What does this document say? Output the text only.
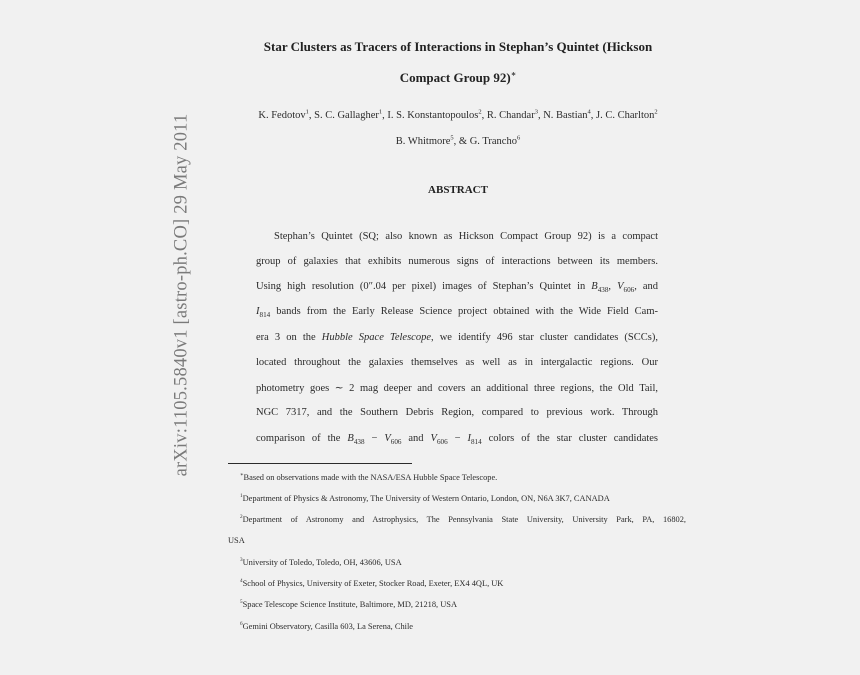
arXiv:1105.5840v1 [astro-ph.CO] 29 May 2011
Star Clusters as Tracers of Interactions in Stephan’s Quintet (Hickson
Compact Group 92)∗
K. Fedotov$^1$, S. C. Gallagher$^1$, I. S. Konstantopoulos$^2$, R. Chandar$^3$, N. Bastian$^4$, J. C. Charlton$^2$
B. Whitmore$^5$, & G. Trancho$^6$
ABSTRACT
Stephan’s Quintet (SQ; also known as Hickson Compact Group 92) is a compact
group of galaxies that exhibits numerous signs of interactions between its members.
Using high resolution (0″.04 per pixel) images of Stephan’s Quintet in $B_{438}$, $V_{606}$, and
$I_{814}$ bands from the Early Release Science project obtained with the Wide Field Cam-
era 3 on the Hubble Space Telescope, we identify 496 star cluster candidates (SCCs),
located throughout the galaxies themselves as well as in intergalactic regions. Our
photometry goes ∼ 2 mag deeper and covers an additional three regions, the Old Tail,
NGC 7317, and the Southern Debris Region, compared to previous work. Through
comparison of the $B_{438} - V_{606}$ and $V_{606} - I_{814}$ colors of the star cluster candidates
∗Based on observations made with the NASA/ESA Hubble Space Telescope.
$^1$Department of Physics & Astronomy, The University of Western Ontario, London, ON, N6A 3K7, CANADA
$^2$Department of Astronomy and Astrophysics, The Pennsylvania State University, University Park, PA, 16802,
USA
$^3$University of Toledo, Toledo, OH, 43606, USA
$^4$School of Physics, University of Exeter, Stocker Road, Exeter, EX4 4QL, UK
$^5$Space Telescope Science Institute, Baltimore, MD, 21218, USA
$^6$Gemini Observatory, Casilla 603, La Serena, Chile
